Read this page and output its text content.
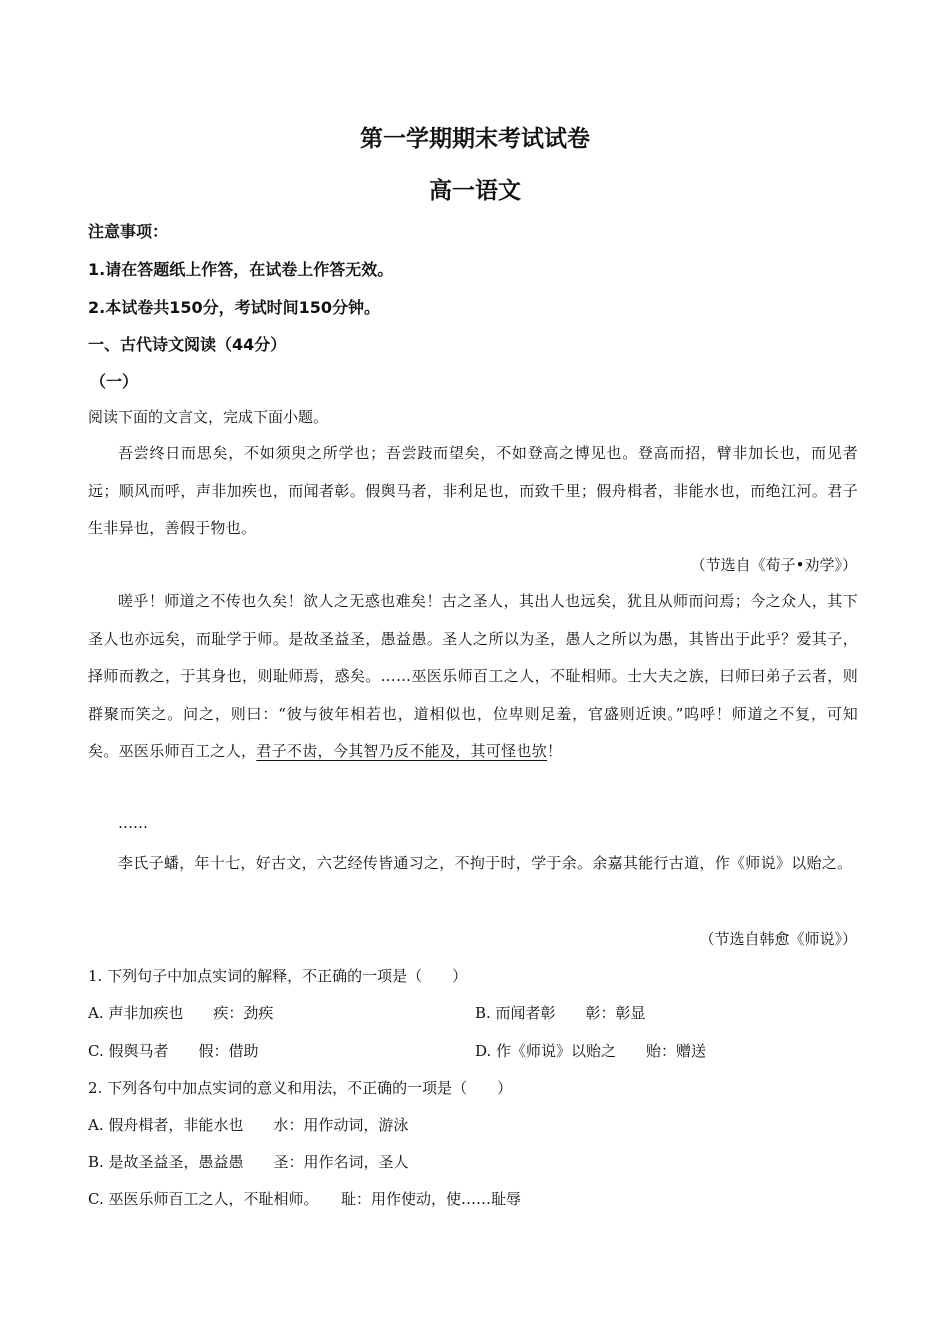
第一学期期末考试试卷
高一语文
注意事项：
1.请在答题纸上作答，在试卷上作答无效。
2.本试卷共150分，考试时间150分钟。
一、古代诗文阅读（44分）
（一）
阅读下面的文言文，完成下面小题。
吾尝终日而思矣，不如须臾之所学也；吾尝跂而望矣，不如登高之博见也。登高而招，臂非加长也，而见者远；顺风而呼，声非加疾也，而闻者彰。假舆马者，非利足也，而致千里；假舟楫者，非能水也，而绝江河。君子生非异也，善假于物也。
（节选自《荀子•劝学》）
嗟乎！师道之不传也久矣！欲人之无惑也难矣！古之圣人，其出人也远矣，犹且从师而问焉；今之众人，其下圣人也亦远矣，而耻学于师。是故圣益圣，愚益愚。圣人之所以为圣，愚人之所以为愚，其皆出于此乎？爱其子，择师而教之，于其身也，则耻师焉，惑矣。……巫医乐师百工之人，不耻相师。士大夫之族，曰师曰弟子云者，则群聚而笑之。问之，则曰：“彼与彼年相若也，道相似也，位卑则足羞，官盛则近谀。”呜呼！师道之不复，可知矣。巫医乐师百工之人，君子不齿，今其智乃反不能及，其可怪也欤！
……
李氏子蟠，年十七，好古文，六艺经传皆通习之，不拘于时，学于余。余嘉其能行古道，作《师说》以贻之。
（节选自韩愈《师说》）
1. 下列句子中加点实词的解释，不正确的一项是（　　）
A. 声非加疾也　　疾：劲疾	B. 而闻者彰　　彰：彰显
C. 假舆马者　　假：借助	D. 作《师说》以贻之　　贻：赠送
2. 下列各句中加点实词的意义和用法，不正确的一项是（　　）
A. 假舟楫者，非能水也　　水：用作动词，游泳
B. 是故圣益圣，愚益愚　　圣：用作名词，圣人
C. 巫医乐师百工之人，不耻相师。　　耻：用作使动，使……耻辱
